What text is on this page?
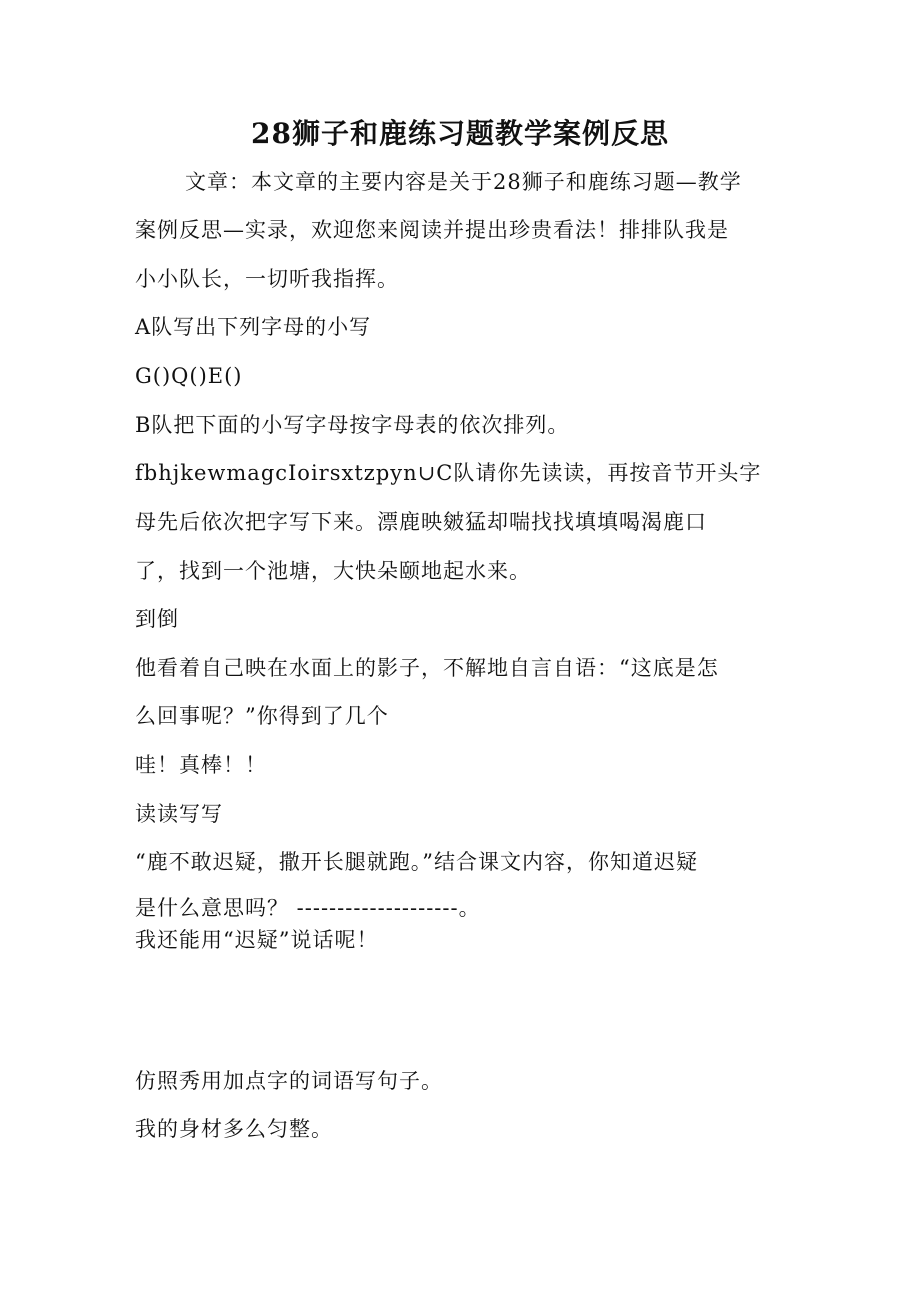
28狮子和鹿练习题教学案例反思
文章：本文章的主要内容是关于28狮子和鹿练习题—教学
案例反思—实录，欢迎您来阅读并提出珍贵看法！排排队我是
小小队长，一切听我指挥。
A队写出下列字母的小写
G()Q()E()
B队把下面的小写字母按字母表的依次排列。
fbhjkewmagcIoirsxtzpyn∪C队请你先读读，再按音节开头字
母先后依次把字写下来。漂鹿映皴猛却喘找找填填喝渴鹿口
了，找到一个池塘，大快朵颐地起水来。
到倒
他看着自己映在水面上的影子，不解地自言自语：“这底是怎
么回事呢？”你得到了几个
哇！真棒！！
读读写写
“鹿不敢迟疑，撒开长腿就跑。”结合课文内容，你知道迟疑
是什么意思吗？ --------------------。
我还能用“迟疑”说话呢！
仿照秀用加点字的词语写句子。
我的身材多么匀整。
